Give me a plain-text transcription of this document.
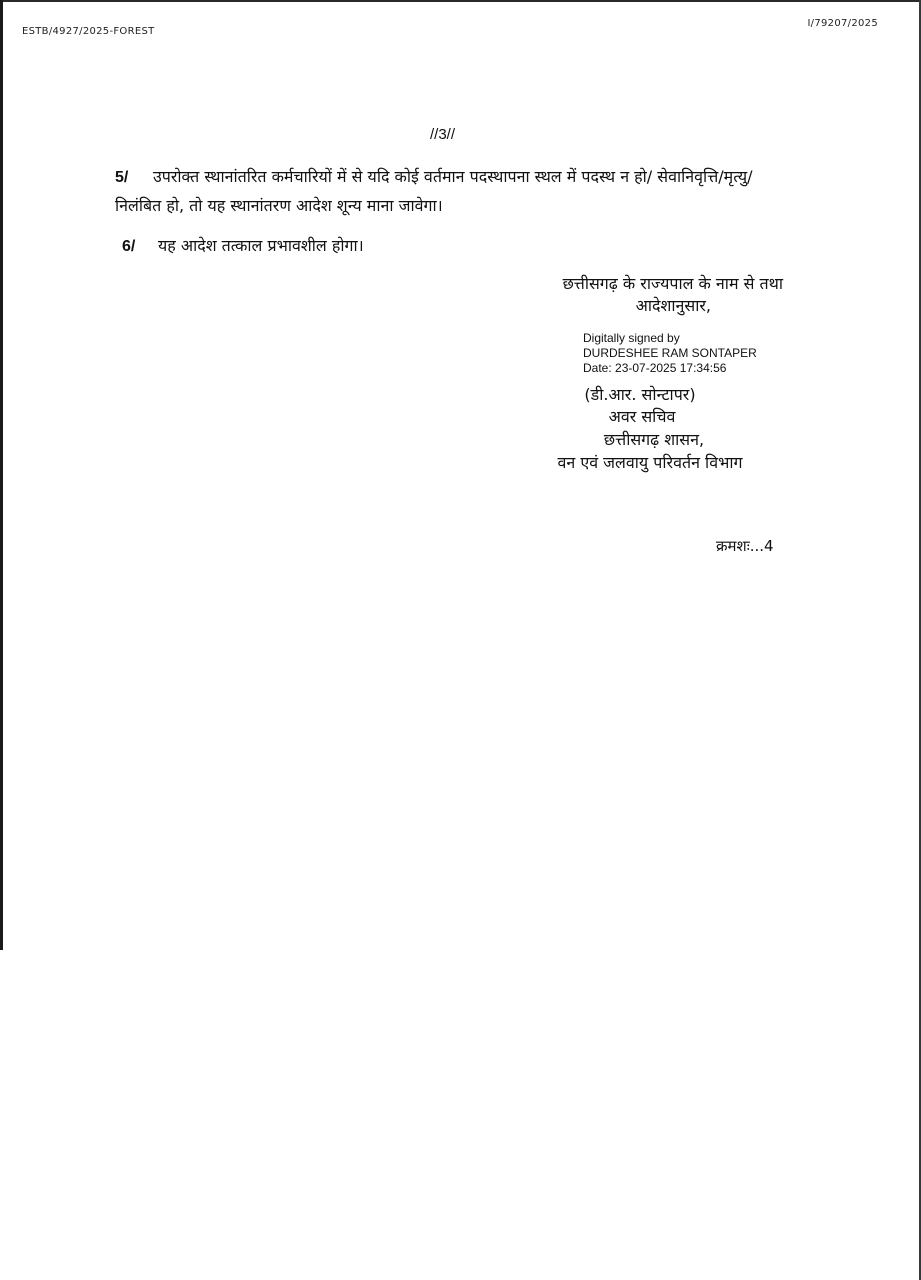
ESTB/4927/2025-FOREST
I/79207/2025
//3//
5/ उपरोक्त स्थानांतरित कर्मचारियों में से यदि कोई वर्तमान पदस्थापना स्थल में पदस्थ न हो/ सेवानिवृत्ति/मृत्यु/निलंबित हो, तो यह स्थानांतरण आदेश शून्य माना जावेगा।
6/ यह आदेश तत्काल प्रभावशील होगा।
छत्तीसगढ़ के राज्यपाल के नाम से तथा
आदेशानुसार,
Digitally signed by
DURDESHEE RAM SONTAPER
Date: 23-07-2025 17:34:56
(डी.आर. सोन्टापर)
अवर सचिव
छत्तीसगढ़ शासन,
वन एवं जलवायु परिवर्तन विभाग
क्रमशः...4
